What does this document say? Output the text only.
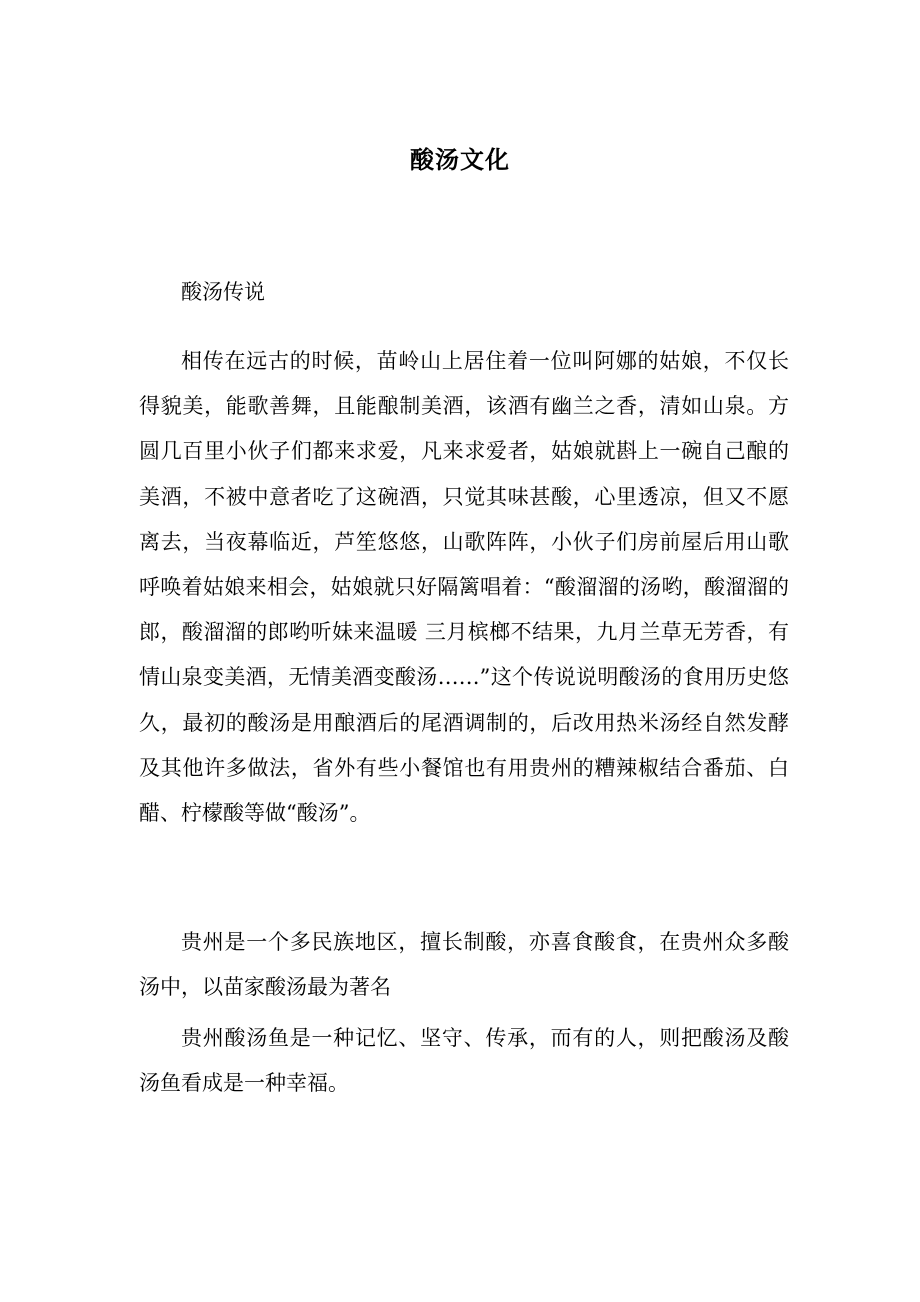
酸汤文化

酸汤传说

相传在远古的时候，苗岭山上居住着一位叫阿娜的姑娘，不仅长得貌美，能歌善舞，且能酿制美酒，该酒有幽兰之香，清如山泉。方圆几百里小伙子们都来求爱，凡来求爱者，姑娘就斟上一碗自己酿的美酒，不被中意者吃了这碗酒，只觉其味甚酸，心里透凉，但又不愿离去，当夜幕临近，芦笙悠悠，山歌阵阵，小伙子们房前屋后用山歌呼唤着姑娘来相会，姑娘就只好隔篱唱着：“酸溜溜的汤哟，酸溜溜的郎，酸溜溜的郎哟听妹来温暖 三月槟榔不结果，九月兰草无芳香，有情山泉变美酒，无情美酒变酸汤……”这个传说说明酸汤的食用历史悠久，最初的酸汤是用酿酒后的尾酒调制的，后改用热米汤经自然发酵及其他许多做法，省外有些小餐馆也有用贵州的糟辣椒结合番茄、白醋、柠檬酸等做“酸汤”。

贵州是一个多民族地区，擅长制酸，亦喜食酸食，在贵州众多酸汤中，以苗家酸汤最为著名

贵州酸汤鱼是一种记忆、坚守、传承，而有的人，则把酸汤及酸汤鱼看成是一种幸福。
